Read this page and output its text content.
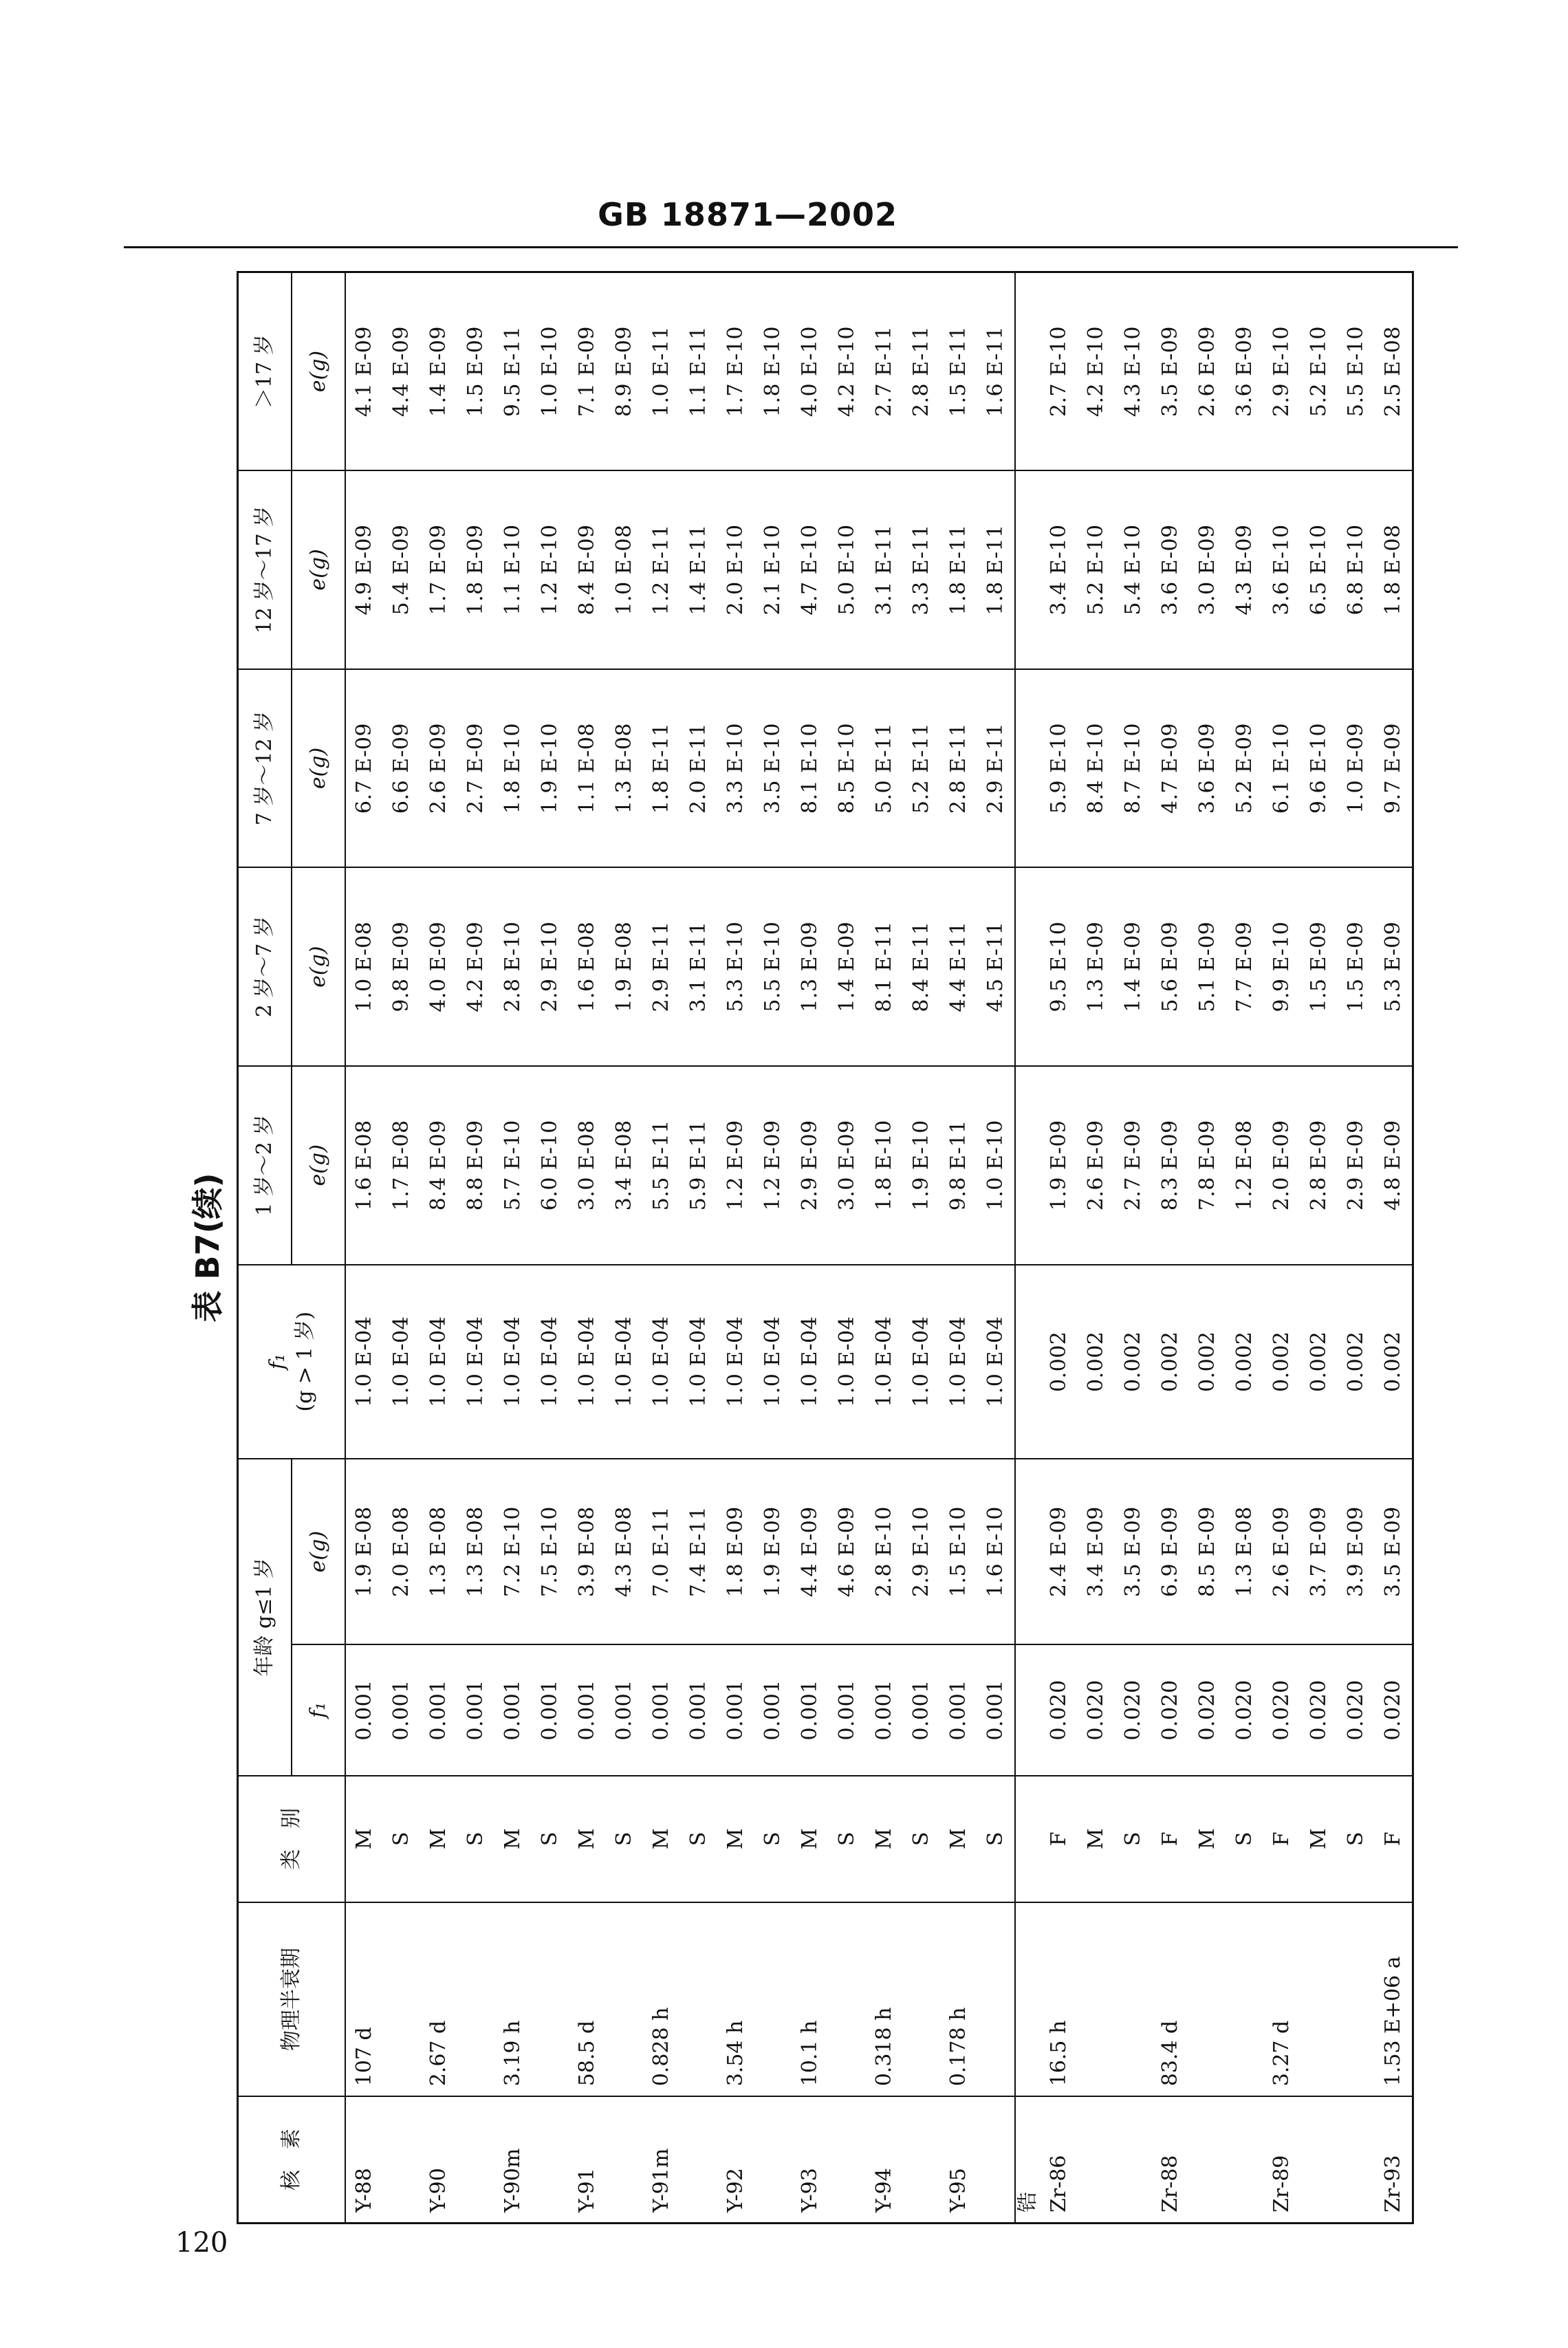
GB 18871—2002
表 B7(续)
核　素	物理半衰期	类　别	年龄 g≤1 岁		f₁ (g > 1 岁)	1 岁～2 岁	2 岁～7 岁	7 岁～12 岁	12 岁～17 岁	＞17 岁
			f₁	e(g)		e(g)	e(g)	e(g)	e(g)	e(g)
Y-88	107 d	M	0.001	1.9 E-08	1.0 E-04	1.6 E-08	1.0 E-08	6.7 E-09	4.9 E-09	4.1 E-09
		S	0.001	2.0 E-08	1.0 E-04	1.7 E-08	9.8 E-09	6.6 E-09	5.4 E-09	4.4 E-09
Y-90	2.67 d	M	0.001	1.3 E-08	1.0 E-04	8.4 E-09	4.0 E-09	2.6 E-09	1.7 E-09	1.4 E-09
		S	0.001	1.3 E-08	1.0 E-04	8.8 E-09	4.2 E-09	2.7 E-09	1.8 E-09	1.5 E-09
Y-90m	3.19 h	M	0.001	7.2 E-10	1.0 E-04	5.7 E-10	2.8 E-10	1.8 E-10	1.1 E-10	9.5 E-11
		S	0.001	7.5 E-10	1.0 E-04	6.0 E-10	2.9 E-10	1.9 E-10	1.2 E-10	1.0 E-10
Y-91	58.5 d	M	0.001	3.9 E-08	1.0 E-04	3.0 E-08	1.6 E-08	1.1 E-08	8.4 E-09	7.1 E-09
		S	0.001	4.3 E-08	1.0 E-04	3.4 E-08	1.9 E-08	1.3 E-08	1.0 E-08	8.9 E-09
Y-91m	0.828 h	M	0.001	7.0 E-11	1.0 E-04	5.5 E-11	2.9 E-11	1.8 E-11	1.2 E-11	1.0 E-11
		S	0.001	7.4 E-11	1.0 E-04	5.9 E-11	3.1 E-11	2.0 E-11	1.4 E-11	1.1 E-11
Y-92	3.54 h	M	0.001	1.8 E-09	1.0 E-04	1.2 E-09	5.3 E-10	3.3 E-10	2.0 E-10	1.7 E-10
		S	0.001	1.9 E-09	1.0 E-04	1.2 E-09	5.5 E-10	3.5 E-10	2.1 E-10	1.8 E-10
Y-93	10.1 h	M	0.001	4.4 E-09	1.0 E-04	2.9 E-09	1.3 E-09	8.1 E-10	4.7 E-10	4.0 E-10
		S	0.001	4.6 E-09	1.0 E-04	3.0 E-09	1.4 E-09	8.5 E-10	5.0 E-10	4.2 E-10
Y-94	0.318 h	M	0.001	2.8 E-10	1.0 E-04	1.8 E-10	8.1 E-11	5.0 E-11	3.1 E-11	2.7 E-11
		S	0.001	2.9 E-10	1.0 E-04	1.9 E-10	8.4 E-11	5.2 E-11	3.3 E-11	2.8 E-11
Y-95	0.178 h	M	0.001	1.5 E-10	1.0 E-04	9.8 E-11	4.4 E-11	2.8 E-11	1.8 E-11	1.5 E-11
		S	0.001	1.6 E-10	1.0 E-04	1.0 E-10	4.5 E-11	2.9 E-11	1.8 E-11	1.6 E-11
锆										
Zr-86	16.5 h	F	0.020	2.4 E-09	0.002	1.9 E-09	9.5 E-10	5.9 E-10	3.4 E-10	2.7 E-10
		M	0.020	3.4 E-09	0.002	2.6 E-09	1.3 E-09	8.4 E-10	5.2 E-10	4.2 E-10
		S	0.020	3.5 E-09	0.002	2.7 E-09	1.4 E-09	8.7 E-10	5.4 E-10	4.3 E-10
Zr-88	83.4 d	F	0.020	6.9 E-09	0.002	8.3 E-09	5.6 E-09	4.7 E-09	3.6 E-09	3.5 E-09
		M	0.020	8.5 E-09	0.002	7.8 E-09	5.1 E-09	3.6 E-09	3.0 E-09	2.6 E-09
		S	0.020	1.3 E-08	0.002	1.2 E-08	7.7 E-09	5.2 E-09	4.3 E-09	3.6 E-09
Zr-89	3.27 d	F	0.020	2.6 E-09	0.002	2.0 E-09	9.9 E-10	6.1 E-10	3.6 E-10	2.9 E-10
		M	0.020	3.7 E-09	0.002	2.8 E-09	1.5 E-09	9.6 E-10	6.5 E-10	5.2 E-10
		S	0.020	3.9 E-09	0.002	2.9 E-09	1.5 E-09	1.0 E-09	6.8 E-10	5.5 E-10
Zr-93	1.53 E+06 a	F	0.020	3.5 E-09	0.002	4.8 E-09	5.3 E-09	9.7 E-09	1.8 E-08	2.5 E-08
120
